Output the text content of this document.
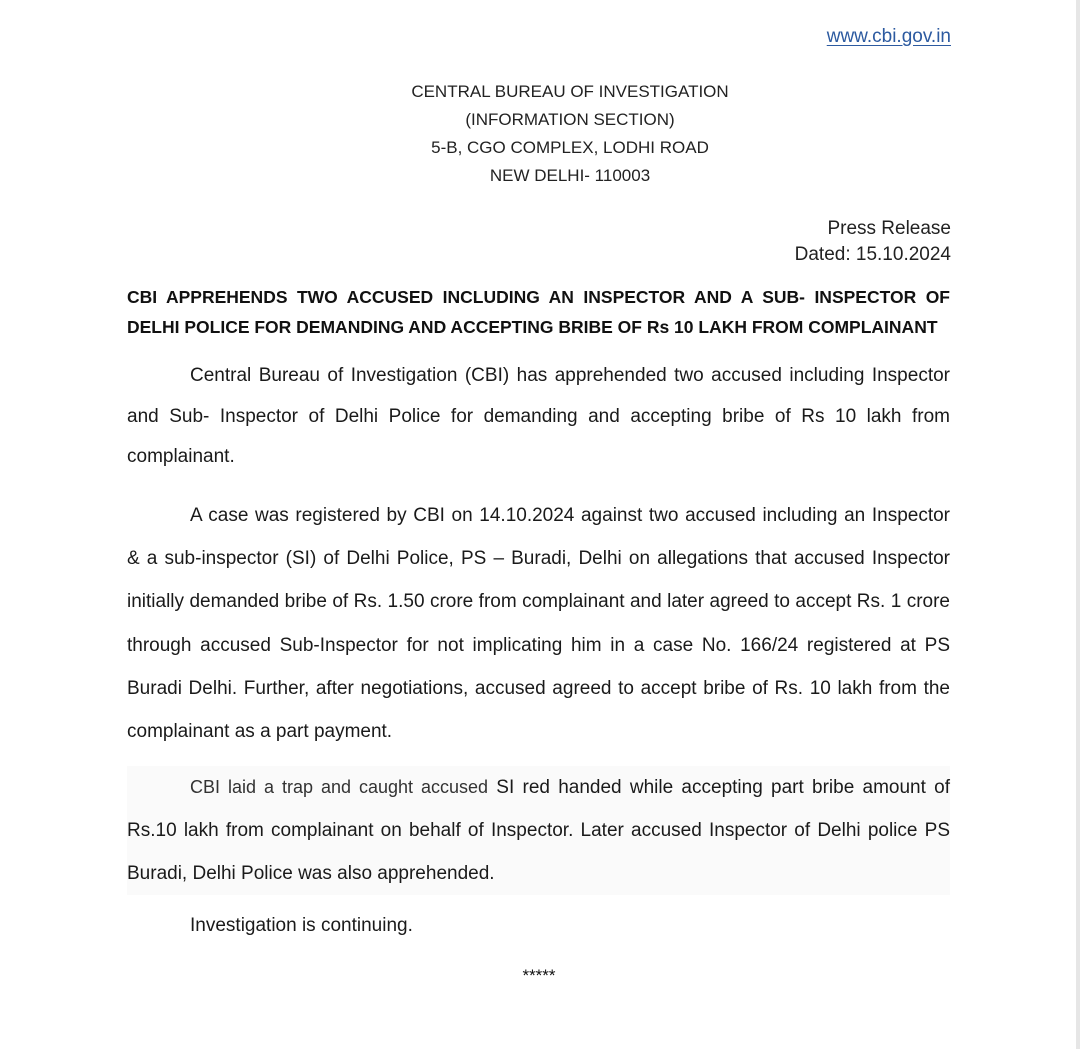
www.cbi.gov.in
CENTRAL BUREAU OF INVESTIGATION
(INFORMATION SECTION)
5-B, CGO COMPLEX, LODHI ROAD
NEW DELHI- 110003
Press Release
Dated: 15.10.2024
CBI APPREHENDS TWO ACCUSED INCLUDING AN INSPECTOR AND A SUB- INSPECTOR OF DELHI POLICE FOR DEMANDING AND ACCEPTING BRIBE OF Rs 10 LAKH FROM COMPLAINANT

Central Bureau of Investigation (CBI) has apprehended two accused including Inspector and Sub- Inspector of Delhi Police for demanding and accepting bribe of Rs 10 lakh from complainant.

A case was registered by CBI on 14.10.2024 against two accused including an Inspector & a sub-inspector (SI) of Delhi Police, PS – Buradi, Delhi on allegations that accused Inspector initially demanded bribe of Rs. 1.50 crore from complainant and later agreed to accept Rs. 1 crore through accused Sub-Inspector for not implicating him in a case No. 166/24 registered at PS Buradi Delhi. Further, after negotiations, accused agreed to accept bribe of Rs. 10 lakh from the complainant as a part payment.

CBI laid a trap and caught accused SI red handed while accepting part bribe amount of Rs.10 lakh from complainant on behalf of Inspector. Later accused Inspector of Delhi police PS Buradi, Delhi Police was also apprehended.

Investigation is continuing.

*****
